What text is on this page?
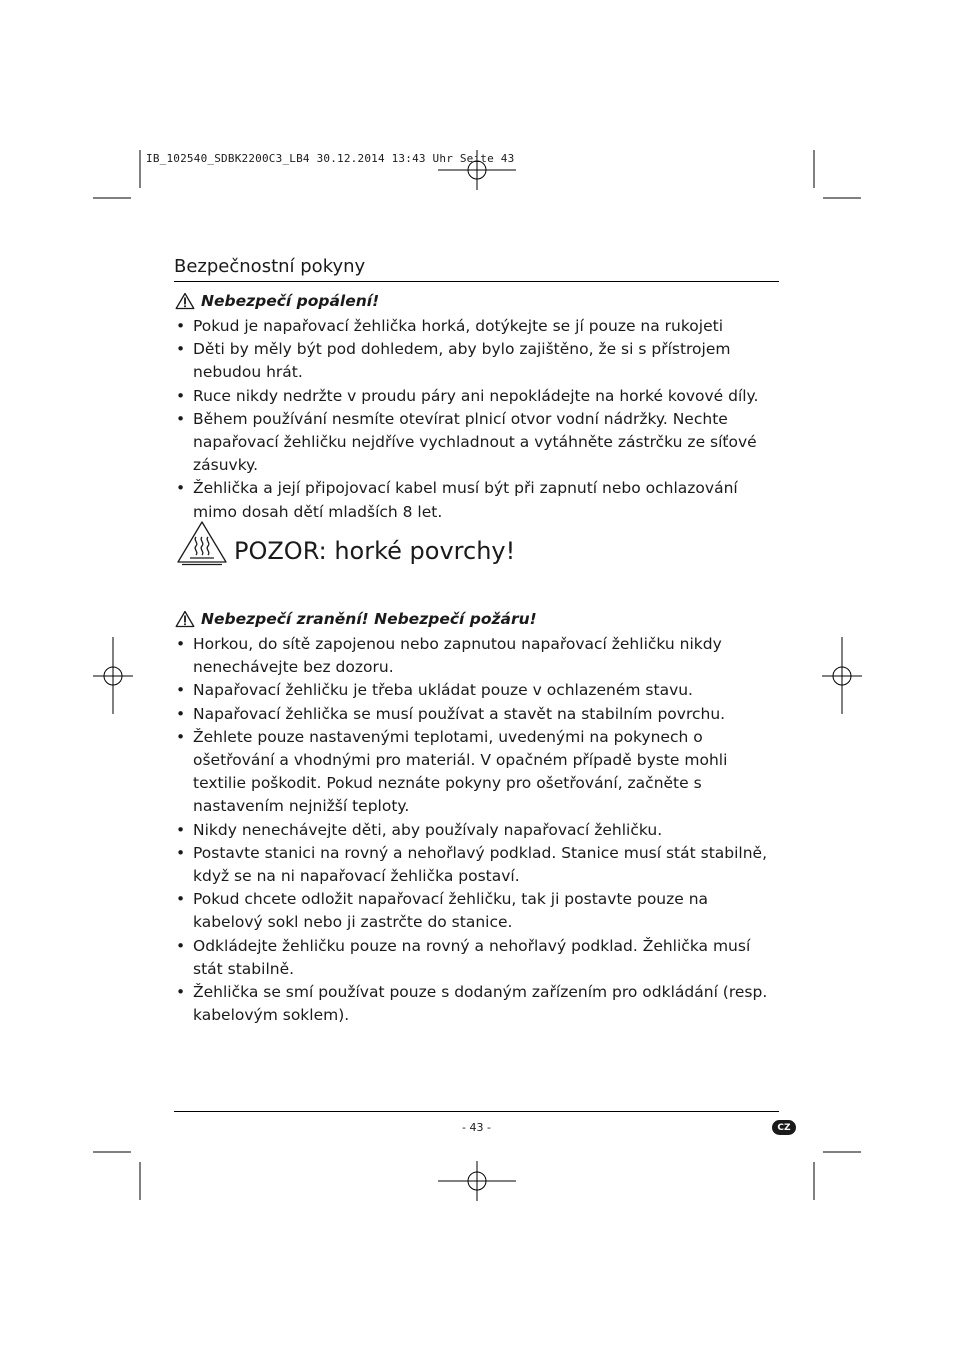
IB_102540_SDBK2200C3_LB4 30.12.2014 13:43 Uhr Seite 43
Bezpečnostní pokyny
Nebezpečí popálení!
• Pokud je napařovací žehlička horká, dotýkejte se jí pouze na rukojeti
• Děti by měly být pod dohledem, aby bylo zajištěno, že si s přístrojem nebudou hrát.
• Ruce nikdy nedržte v proudu páry ani nepokládejte na horké kovové díly.
• Během používání nesmíte otevírat plnicí otvor vodní nádržky. Nechte napařovací žehličku nejdříve vychladnout a vytáhněte zástrčku ze síťové zásuvky.
• Žehlička a její připojovací kabel musí být při zapnutí nebo ochlazování mimo dosah dětí mladších 8 let.
POZOR: horké povrchy!
Nebezpečí zranění! Nebezpečí požáru!
• Horkou, do sítě zapojenou nebo zapnutou napařovací žehličku nikdy nenechávejte bez dozoru.
• Napařovací žehličku je třeba ukládat pouze v ochlazeném stavu.
• Napařovací žehlička se musí používat a stavět na stabilním povrchu.
• Žehlete pouze nastavenými teplotami, uvedenými na pokynech o ošetřování a vhodnými pro materiál. V opačném případě byste mohli textilie poškodit. Pokud neznáte pokyny pro ošetřování, začněte s nastavením nejnižší teploty.
• Nikdy nenechávejte děti, aby používaly napařovací žehličku.
• Postavte stanici na rovný a nehořlavý podklad. Stanice musí stát stabilně, když se na ni napařovací žehlička postaví.
• Pokud chcete odložit napařovací žehličku, tak ji postavte pouze na kabelový sokl nebo ji zastrčte do stanice.
• Odkládejte žehličku pouze na rovný a nehořlavý podklad. Žehlička musí stát stabilně.
• Žehlička se smí používat pouze s dodaným zařízením pro odkládání (resp. kabelovým soklem).
- 43 -	CZ
